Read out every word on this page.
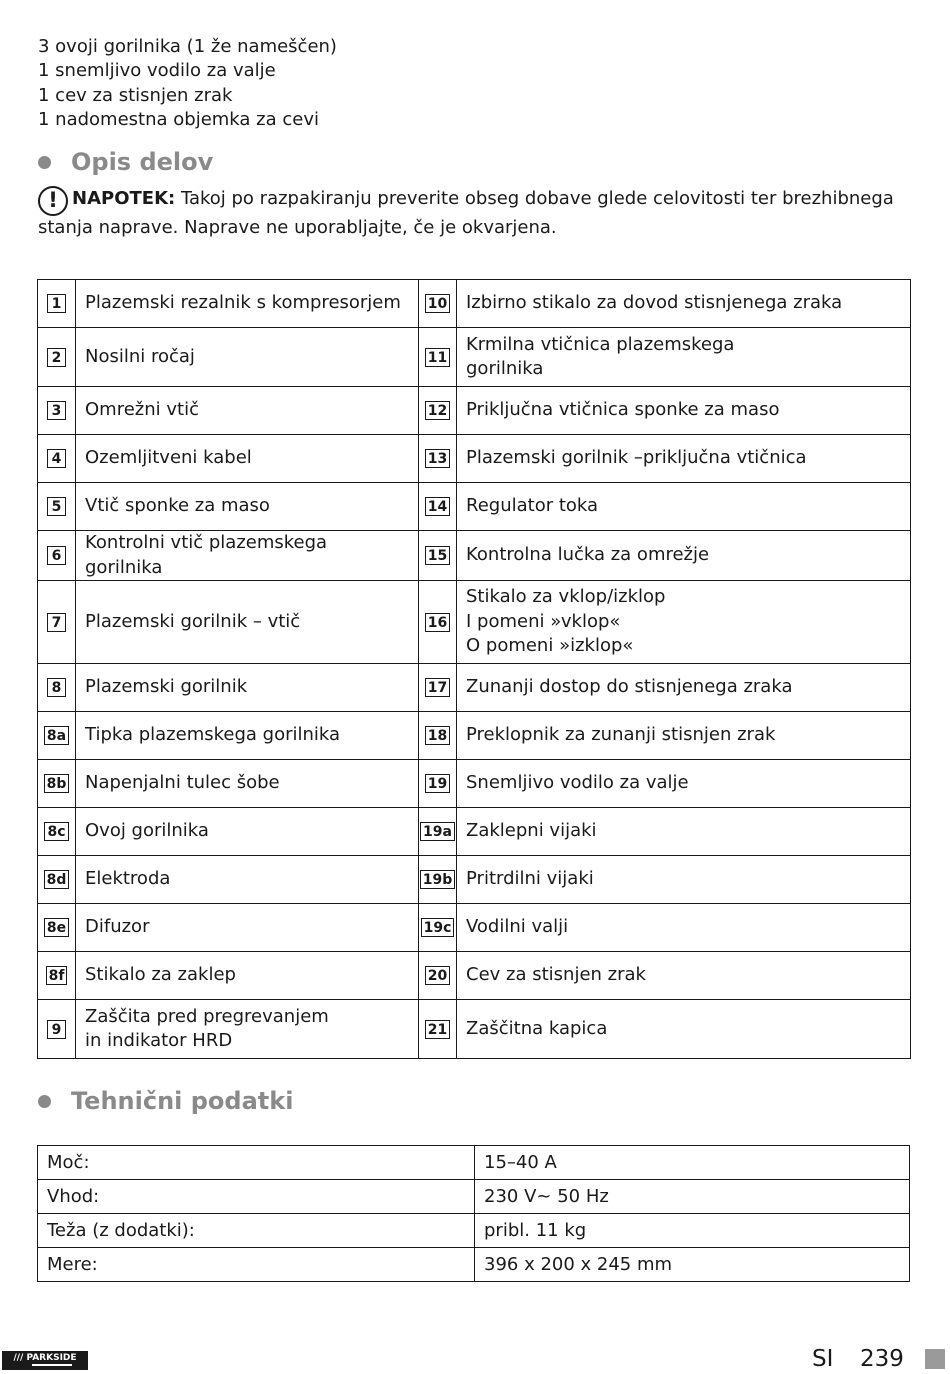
3 ovoji gorilnika (1 že nameščen)
1 snemljivo vodilo za valje
1 cev za stisnjen zrak
1 nadomestna objemka za cevi
Opis delov
! NAPOTEK: Takoj po razpakiranju preverite obseg dobave glede celovitosti ter brezhibnega stanja naprave. Naprave ne uporabljajte, če je okvarjena.
1	Plazemski rezalnik s kompresorjem	10	Izbirno stikalo za dovod stisnjenega zraka
2	Nosilni ročaj	11	Krmilna vtičnica plazemskega
gorilnika
3	Omrežni vtič	12	Priključna vtičnica sponke za maso
4	Ozemljitveni kabel	13	Plazemski gorilnik –priključna vtičnica
5	Vtič sponke za maso	14	Regulator toka
6	Kontrolni vtič plazemskega gorilnika	15	Kontrolna lučka za omrežje
7	Plazemski gorilnik – vtič	16	Stikalo za vklop/izklop
I pomeni »vklop«
O pomeni »izklop«
8	Plazemski gorilnik	17	Zunanji dostop do stisnjenega zraka
8a	Tipka plazemskega gorilnika	18	Preklopnik za zunanji stisnjen zrak
8b	Napenjalni tulec šobe	19	Snemljivo vodilo za valje
8c	Ovoj gorilnika	19a	Zaklepni vijaki
8d	Elektroda	19b	Pritrdilni vijaki
8e	Difuzor	19c	Vodilni valji
8f	Stikalo za zaklep	20	Cev za stisnjen zrak
9	Zaščita pred pregrevanjem
in indikator HRD	21	Zaščitna kapica
Tehnični podatki
Moč:	15–40 A
Vhod:	230 V~ 50 Hz
Teža (z dodatki):	pribl. 11 kg
Mere:	396 x 200 x 245 mm
/// PARKSIDE	SI 239
